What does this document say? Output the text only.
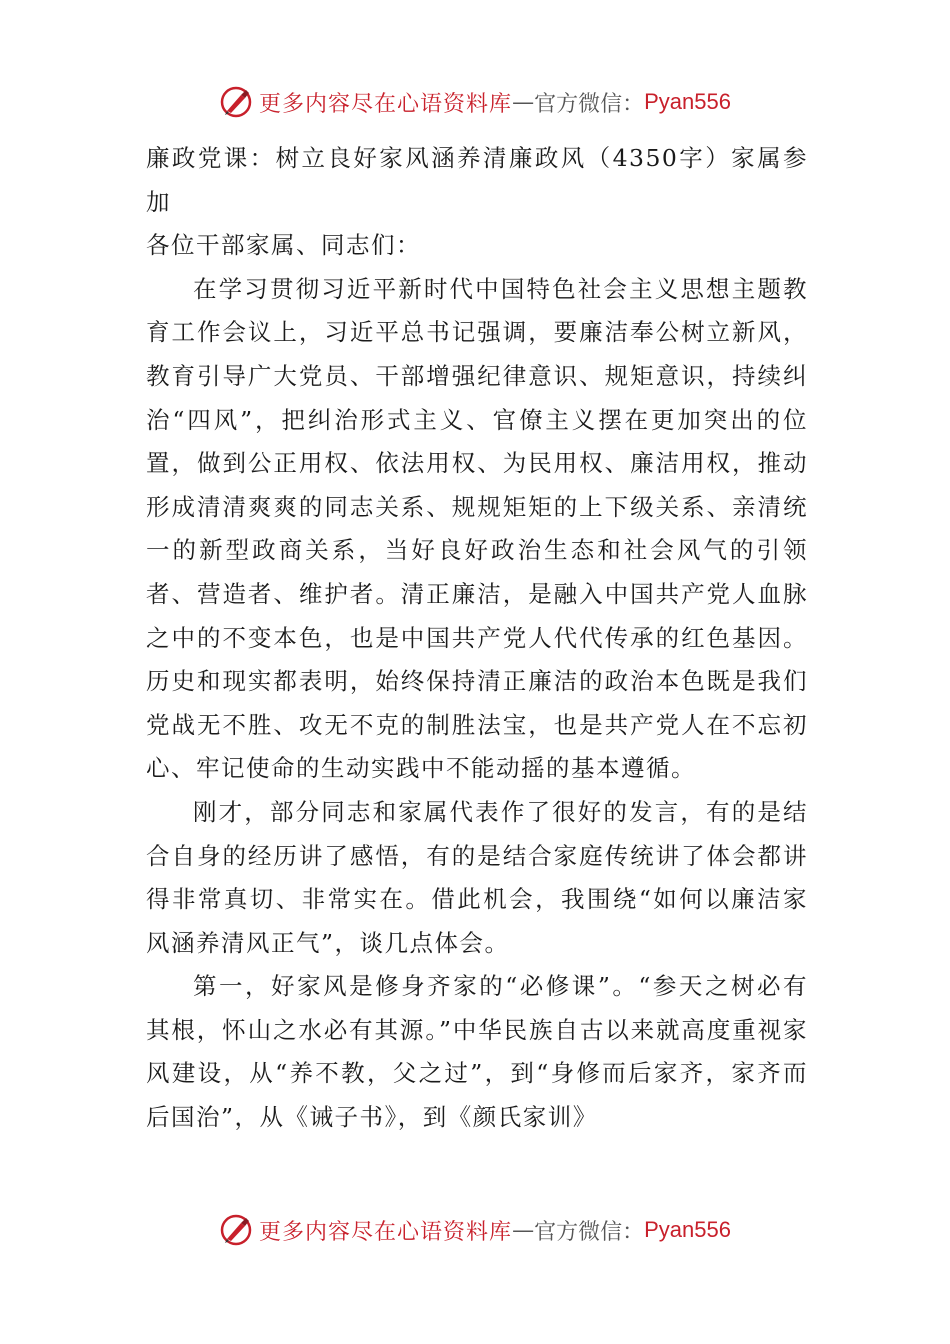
更多内容尽在心语资料库 — 官方微信： Pyan556

廉政党课：树立良好家风涵养清廉政风（4350字）家属参加

各位干部家属、同志们：

在学习贯彻习近平新时代中国特色社会主义思想主题教育工作会议上，习近平总书记强调，要廉洁奉公树立新风，教育引导广大党员、干部增强纪律意识、规矩意识，持续纠治“四风”，把纠治形式主义、官僚主义摆在更加突出的位置，做到公正用权、依法用权、为民用权、廉洁用权，推动形成清清爽爽的同志关系、规规矩矩的上下级关系、亲清统一的新型政商关系，当好良好政治生态和社会风气的引领者、营造者、维护者。清正廉洁，是融入中国共产党人血脉之中的不变本色，也是中国共产党人代代传承的红色基因。历史和现实都表明，始终保持清正廉洁的政治本色既是我们党战无不胜、攻无不克的制胜法宝，也是共产党人在不忘初心、牢记使命的生动实践中不能动摇的基本遵循。

刚才，部分同志和家属代表作了很好的发言，有的是结合自身的经历讲了感悟，有的是结合家庭传统讲了体会都讲得非常真切、非常实在。借此机会，我围绕“如何以廉洁家风涵养清风正气”，谈几点体会。

第一，好家风是修身齐家的“必修课”。“参天之树必有其根，怀山之水必有其源。”中华民族自古以来就高度重视家风建设，从“养不教，父之过”，到“身修而后家齐，家齐而后国治”，从《诫子书》，到《颜氏家训》

更多内容尽在心语资料库 — 官方微信： Pyan556
